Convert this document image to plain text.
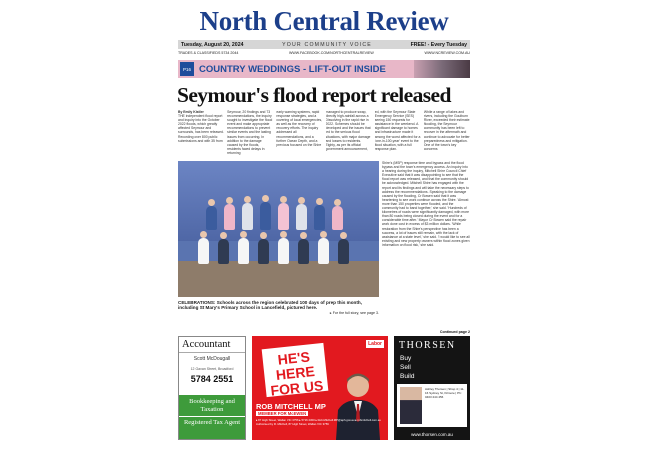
North Central Review
Tuesday, August 20, 2024	YOUR COMMUNITY VOICE	FREE! - Every Tuesday
TRADES & CLASSIFIEDS 5734 2044	WWW.FACEBOOK.COM/NORTHCENTRALREVIEW	WWW.NCREVIEW.COM.AU
P16 COUNTRY WEDDINGS - LIFT-OUT INSIDE
Seymour's flood report released
By Emily Kistler
THE independent flood report and inquiry into the October 2022 floods, which greatly affected Seymour and surrounds, has been released. Recording over 800 public submissions and with 35 from
Seymour, 20 findings and 73 recommendations, the inquiry sought to investigate the flood event and make appropriate recommendations to prevent similar events and the lasting issues from occurring. In addition to the damage caused by the floods, residents faced delays in returning
early warning systems, rapid response strategies, and a covering of local emergencies, as well as the recovery of recovery efforts. The inquiry addressed all recommendations, and a further Ocean Depth, and a previous focused on the Shire
managed to produce swap, directly high-rainfall across a Dissolving in the rapid rise in 2022. Schemes should be developed and the issues that led to the serious flood situations, with major damage and losses to residents. Eighty, as per its official government announcement,
ed, with the Seymour State Emergency Service (SES) seeing 150 requests for assistance in the weekend. A significant damage to homes and infrastructure made it among the worst affected for a 'one-in-100-year' event to the flood situation, with a full response plan.
While a range of lakes and rivers, including the Goulburn River, exceeded their estimate flooding, the Seymour community has been left to recover in the aftermath and continue to advocate for better preparedness and mitigation. One of the town's key concerns
CELEBRATIONS: Schools across the region celebrated 100 days of prep this month, including St Mary's Primary School in Lancefield, pictured here.
▸ For the full story, see page 3.
Shire's (MSP) response time and bypass and the flood bypass and the town's emergency access. An inquiry into a hearing during the inquiry, Mitchell Shire Council Chief Executive said that it was disappointing to see that the flood report was released, and that the community should be acknowledged. Mitchell Shire has engaged with the report and its findings and will take the necessary steps to address the recommendations. Speaking to the damage caused by the flooding, Cr Bowen said that it was heartening to see work continue across the Shire. 'Almost more than 150 properties were flooded, and the community had to band together,' she said. 'Hundreds of kilometres of roads were significantly damaged, with more than 80 roads being closed during the event and for a considerable time after.' Mayor Cr Bowen said the repair work done cost in excess of $3 million dollars. 'While restoration from the Shire's perspective has been a success, a lot of issues still remain, with the lack of assistance at a state level,' she said. 'I would like to see all existing and new property owners within flood zones given information on flood risk,' she said.
Continued page 2
Accountant
Scott McDougall
12 Gavan Street, Broadford
5784 2551
Bookkeeping and Taxation
Registered Tax Agent
Labor
HE'S HERE FOR US
ROB MITCHELL MP
MEMBER FOR McEWEN
▸ 87 High Street, Wallan VIC 3756 ▸ 5716 2300 ▸ Rob.Mitchell.MP@aph.gov.au ▸ robmitchell.com.au
Authorised by R. Mitchell, 87 High Street, Wallan VIC 3756
THORSEN
Buy
Sell
Build
Ashley Thorsen | Shop 4 | 11-16 Sydney St, Kilmore | Ph: 0403 244 456
www.thorsen.com.au
